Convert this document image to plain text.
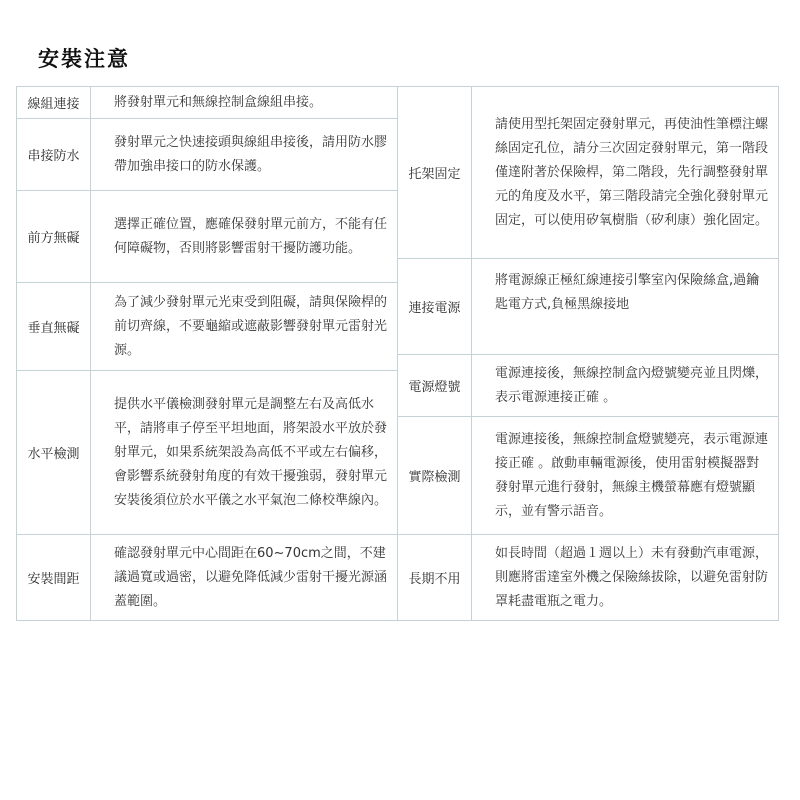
安裝注意
線組連接	將發射單元和無線控制盒線組串接。
串接防水
發射單元之快速接頭與線組串接後，請用防水膠帶加強串接口的防水保護。
前方無礙
選擇正確位置，應確保發射單元前方，不能有任何障礙物，否則將影響雷射干擾防護功能。
垂直無礙
為了減少發射單元光束受到阻礙，請與保險桿的前切齊線，不要龜縮或遮蔽影響發射單元雷射光源。
水平檢測
提供水平儀檢測發射單元是調整左右及高低水平，請將車子停至平坦地面，將架設水平放於發射單元，如果系統架設為高低不平或左右偏移，會影響系統發射角度的有效干擾強弱，發射單元安裝後須位於水平儀之水平氣泡二條校準線內。
安裝間距
確認發射單元中心間距在60~70cm之間，不建議過寬或過密，以避免降低減少雷射干擾光源涵蓋範圍。
托架固定
請使用型托架固定發射單元，再使油性筆標注螺絲固定孔位，請分三次固定發射單元，第一階段僅達附著於保險桿，第二階段，先行調整發射單元的角度及水平，第三階段請完全強化發射單元固定，可以使用矽氧樹脂（矽利康）強化固定。
連接電源
將電源線正極紅線連接引擎室內保險絲盒,過鑰匙電方式,負極黑線接地
電源燈號
電源連接後，無線控制盒內燈號變亮並且閃爍，表示電源連接正確 。
實際檢測
電源連接後，無線控制盒燈號變亮，表示電源連接正確 。啟動車輛電源後，使用雷射模擬器對發射單元進行發射，無線主機螢幕應有燈號顯示，並有警示語音。
長期不用
如長時間（超過１週以上）未有發動汽車電源，則應將雷達室外機之保險絲拔除，以避免雷射防罩耗盡電瓶之電力。
